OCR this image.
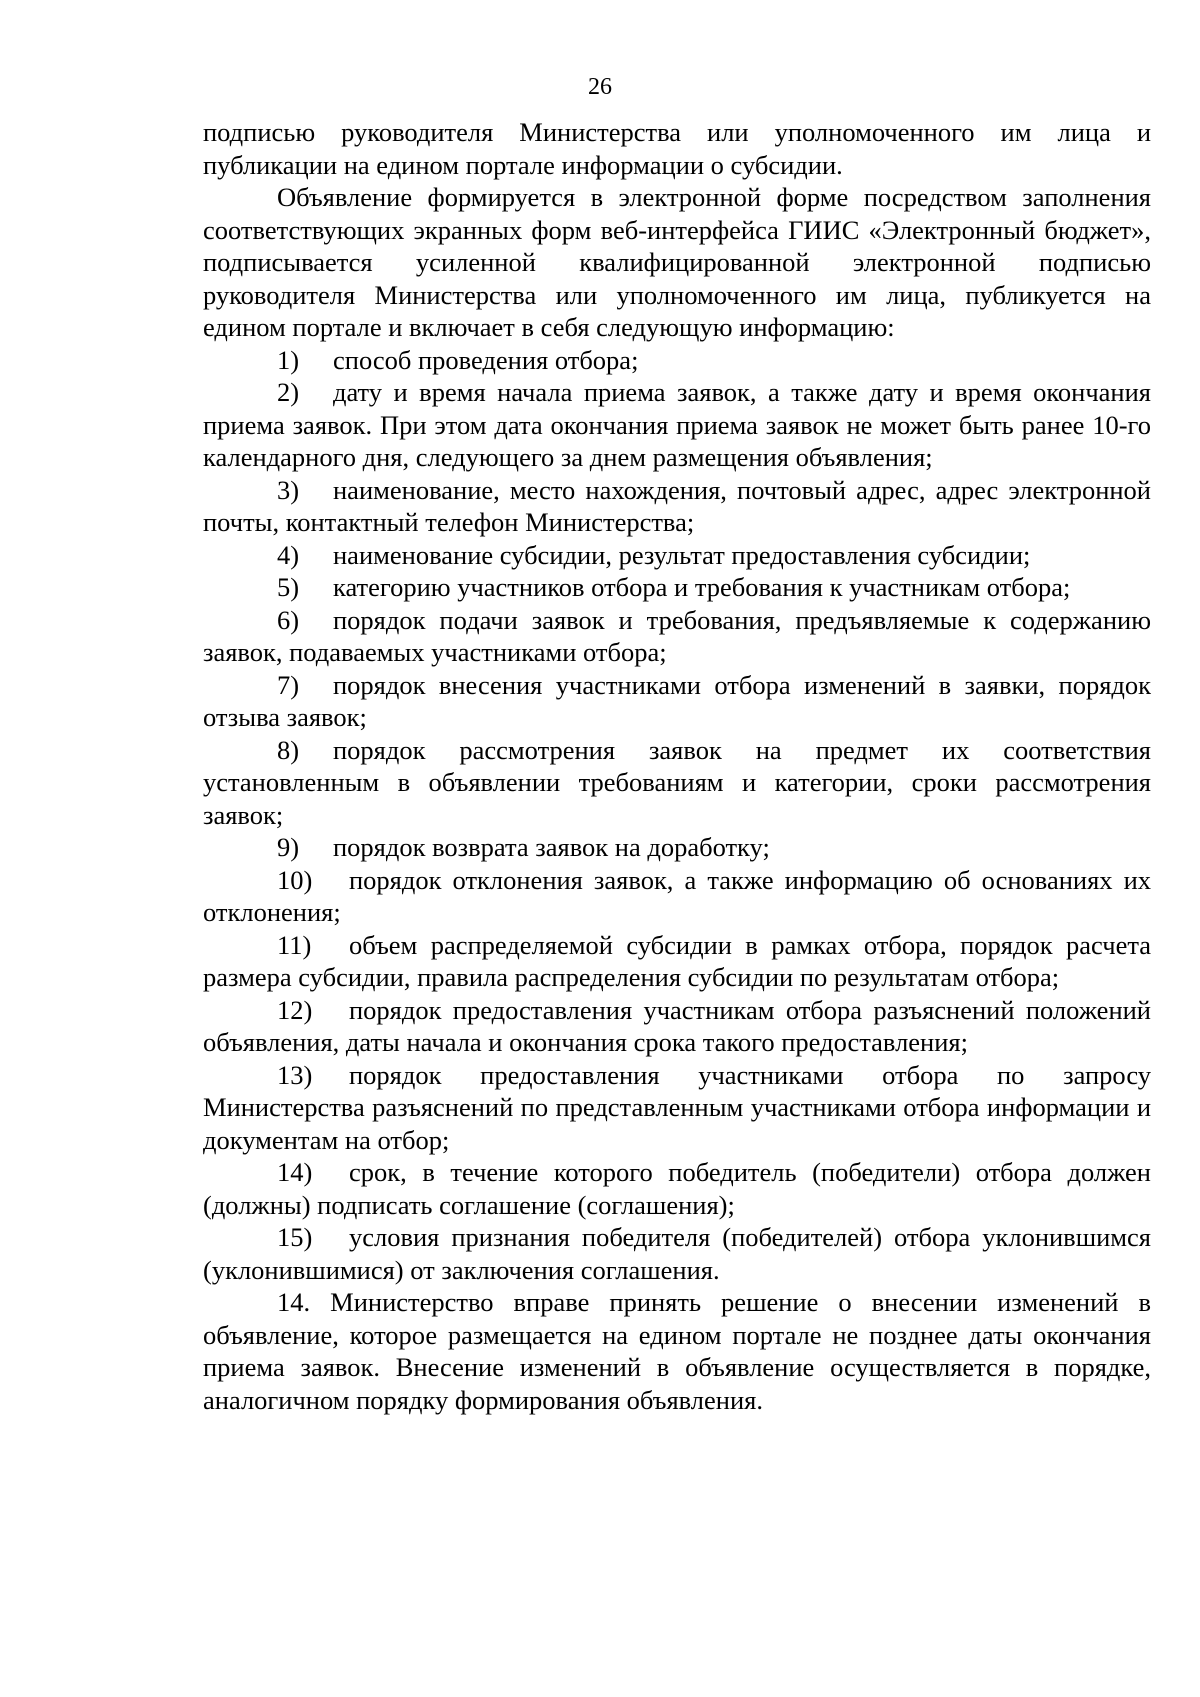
26

подписью руководителя Министерства или уполномоченного им лица и публикации на едином портале информации о субсидии.

Объявление формируется в электронной форме посредством заполнения соответствующих экранных форм веб-интерфейса ГИИС «Электронный бюджет», подписывается усиленной квалифицированной электронной подписью руководителя Министерства или уполномоченного им лица, публикуется на едином портале и включает в себя следующую информацию:

1) способ проведения отбора;

2) дату и время начала приема заявок, а также дату и время окончания приема заявок. При этом дата окончания приема заявок не может быть ранее 10-го календарного дня, следующего за днем размещения объявления;

3) наименование, место нахождения, почтовый адрес, адрес электронной почты, контактный телефон Министерства;

4) наименование субсидии, результат предоставления субсидии;

5) категорию участников отбора и требования к участникам отбора;

6) порядок подачи заявок и требования, предъявляемые к содержанию заявок, подаваемых участниками отбора;

7) порядок внесения участниками отбора изменений в заявки, порядок отзыва заявок;

8) порядок рассмотрения заявок на предмет их соответствия установленным в объявлении требованиям и категории, сроки рассмотрения заявок;

9) порядок возврата заявок на доработку;

10) порядок отклонения заявок, а также информацию об основаниях их отклонения;

11) объем распределяемой субсидии в рамках отбора, порядок расчета размера субсидии, правила распределения субсидии по результатам отбора;

12) порядок предоставления участникам отбора разъяснений положений объявления, даты начала и окончания срока такого предоставления;

13) порядок предоставления участниками отбора по запросу Министерства разъяснений по представленным участниками отбора информации и документам на отбор;

14) срок, в течение которого победитель (победители) отбора должен (должны) подписать соглашение (соглашения);

15) условия признания победителя (победителей) отбора уклонившимся (уклонившимися) от заключения соглашения.

14. Министерство вправе принять решение о внесении изменений в объявление, которое размещается на едином портале не позднее даты окончания приема заявок. Внесение изменений в объявление осуществляется в порядке, аналогичном порядку формирования объявления.
